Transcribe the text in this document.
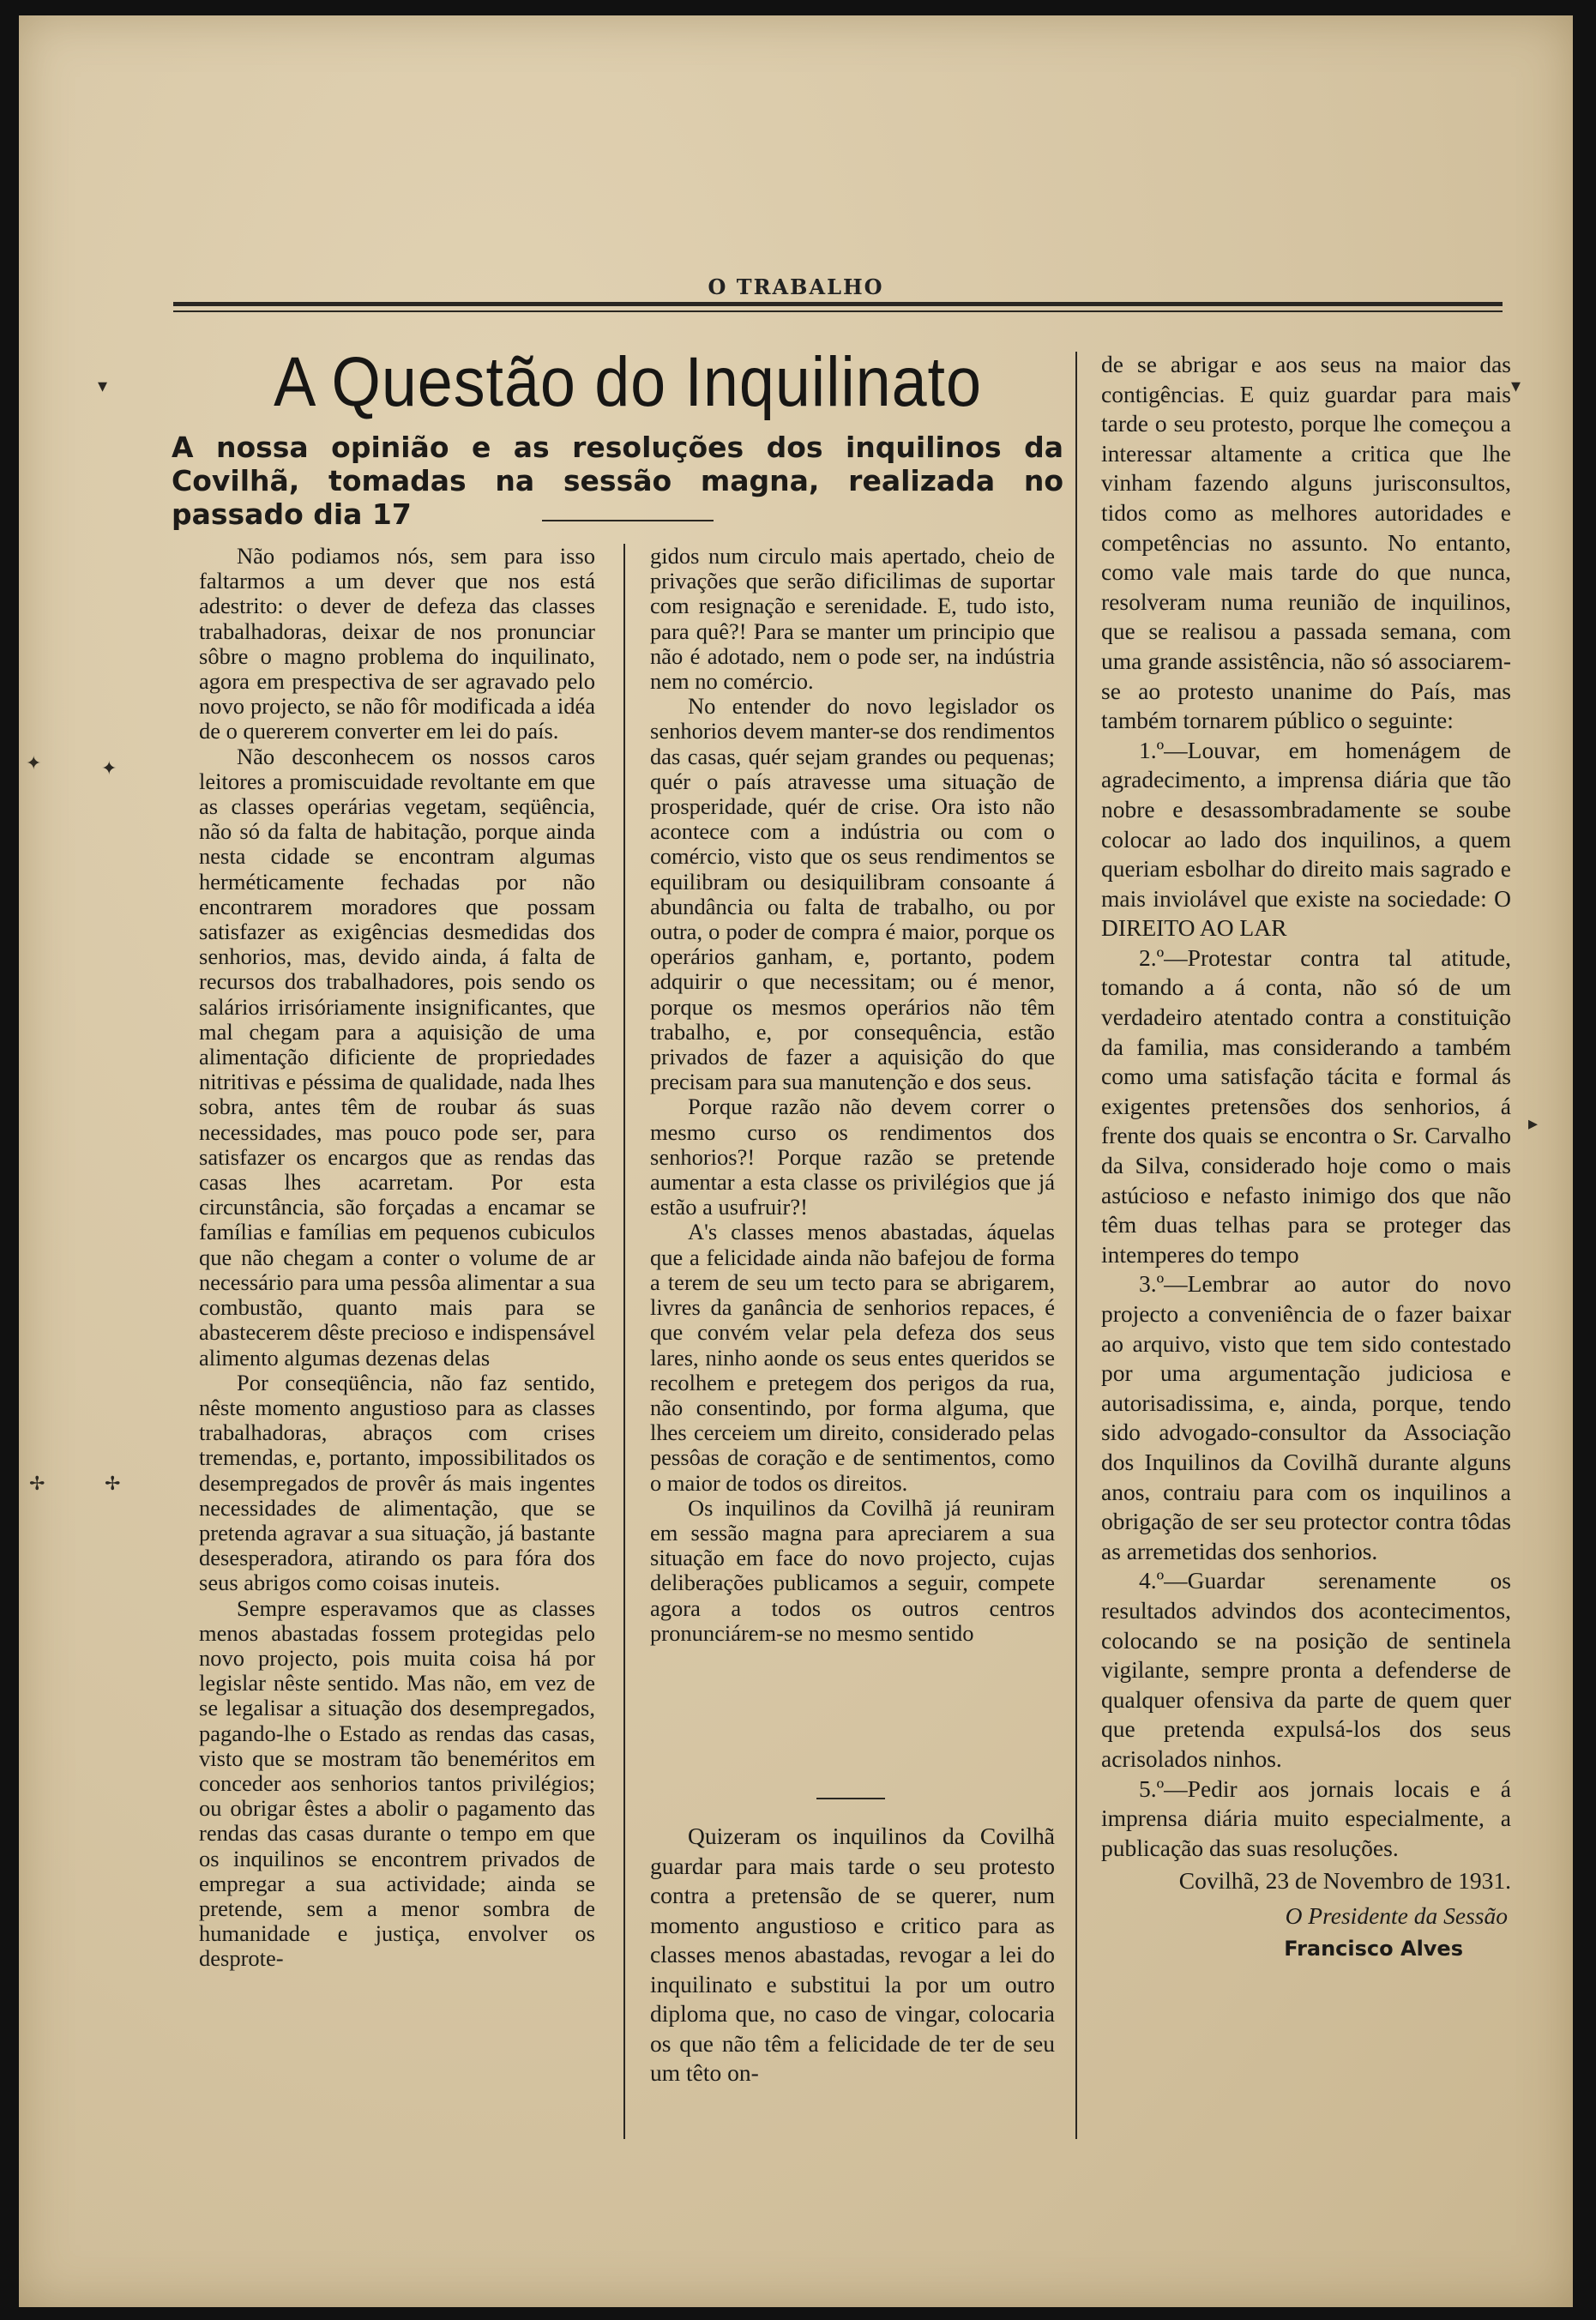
O TRABALHO
A Questão do Inquilinato
A nossa opinião e as resoluções dos inquilinos da Covilhã, tomadas na sessão magna, realizada no passado dia 17

Não podiamos nós, sem para isso faltarmos a um dever que nos está adestrito: o dever de defeza das classes trabalhadoras, deixar de nos pronunciar sôbre o magno problema do inquilinato, agora em prespectiva de ser agravado pelo novo projecto, se não fôr modificada a idéa de o quererem converter em lei do país.

Não desconhecem os nossos caros leitores a promiscuidade revoltante em que as classes operárias vegetam, seqüência, não só da falta de habitação, porque ainda nesta cidade se encontram algumas herméticamente fechadas por não encontrarem moradores que possam satisfazer as exigências desmedidas dos senhorios, mas, devido ainda, á falta de recursos dos trabalhadores, pois sendo os salários irrisóriamente insignificantes, que mal chegam para a aquisição de uma alimentação dificiente de propriedades nitritivas e péssima de qualidade, nada lhes sobra, antes têm de roubar ás suas necessidades, mas pouco pode ser, para satisfazer os encargos que as rendas das casas lhes acarretam. Por esta circunstância, são forçadas a encamar se famílias e famílias em pequenos cubiculos que não chegam a conter o volume de ar necessário para uma pessôa alimentar a sua combustão, quanto mais para se abastecerem dêste precioso e indispensável alimento algumas dezenas delas

Por conseqüência, não faz sentido, nêste momento angustioso para as classes trabalhadoras, abraços com crises tremendas, e, portanto, impossibilitados os desempregados de provêr ás mais ingentes necessidades de alimentação, que se pretenda agravar a sua situação, já bastante desesperadora, atirando os para fóra dos seus abrigos como coisas inuteis.

Sempre esperavamos que as classes menos abastadas fossem protegidas pelo novo projecto, pois muita coisa há por legislar nêste sentido. Mas não, em vez de se legalisar a situação dos desempregados, pagando-lhe o Estado as rendas das casas, visto que se mostram tão beneméritos em conceder aos senhorios tantos privilégios; ou obrigar êstes a abolir o pagamento das rendas das casas durante o tempo em que os inquilinos se encontrem privados de empregar a sua actividade; ainda se pretende, sem a menor sombra de humanidade e justiça, envolver os desprote-

gidos num circulo mais apertado, cheio de privações que serão dificilimas de suportar com resignação e serenidade. E, tudo isto, para quê?! Para se manter um principio que não é adotado, nem o pode ser, na indústria nem no comércio.

No entender do novo legislador os senhorios devem manter-se dos rendimentos das casas, quér sejam grandes ou pequenas; quér o país atravesse uma situação de prosperidade, quér de crise. Ora isto não acontece com a indústria ou com o comércio, visto que os seus rendimentos se equilibram ou desiquilibram consoante á abundância ou falta de trabalho, ou por outra, o poder de compra é maior, porque os operários ganham, e, portanto, podem adquirir o que necessitam; ou é menor, porque os mesmos operários não têm trabalho, e, por consequência, estão privados de fazer a aquisição do que precisam para sua manutenção e dos seus.

Porque razão não devem correr o mesmo curso os rendimentos dos senhorios?! Porque razão se pretende aumentar a esta classe os privilégios que já estão a usufruir?!

A's classes menos abastadas, áquelas que a felicidade ainda não bafejou de forma a terem de seu um tecto para se abrigarem, livres da ganância de senhorios repaces, é que convém velar pela defeza dos seus lares, ninho aonde os seus entes queridos se recolhem e pretegem dos perigos da rua, não consentindo, por forma alguma, que lhes cerceiem um direito, considerado pelas pessôas de coração e de sentimentos, como o maior de todos os direitos.

Os inquilinos da Covilhã já reuniram em sessão magna para apreciarem a sua situação em face do novo projecto, cujas deliberações publicamos a seguir, compete agora a todos os outros centros pronunciárem-se no mesmo sentido

Quizeram os inquilinos da Covilhã guardar para mais tarde o seu protesto contra a pretensão de se querer, num momento angustioso e critico para as classes menos abastadas, revogar a lei do inquilinato e substitui la por um outro diploma que, no caso de vingar, colocaria os que não têm a felicidade de ter de seu um têto on-

de se abrigar e aos seus na maior das contigências. E quiz guardar para mais tarde o seu protesto, porque lhe começou a interessar altamente a critica que lhe vinham fazendo alguns jurisconsultos, tidos como as melhores autoridades e competências no assunto. No entanto, como vale mais tarde do que nunca, resolveram numa reunião de inquilinos, que se realisou a passada semana, com uma grande assistência, não só associarem-se ao protesto unanime do País, mas também tornarem público o seguinte:

1.º—Louvar, em homenágem de agradecimento, a imprensa diária que tão nobre e desassombradamente se soube colocar ao lado dos inquilinos, a quem queriam esbolhar do direito mais sagrado e mais inviolável que existe na sociedade: O DIREITO AO LAR

2.º—Protestar contra tal atitude, tomando a á conta, não só de um verdadeiro atentado contra a constituição da familia, mas considerando a também como uma satisfação tácita e formal ás exigentes pretensões dos senhorios, á frente dos quais se encontra o Sr. Carvalho da Silva, considerado hoje como o mais astúcioso e nefasto inimigo dos que não têm duas telhas para se proteger das intemperes do tempo

3.º—Lembrar ao autor do novo projecto a conveniência de o fazer baixar ao arquivo, visto que tem sido contestado por uma argumentação judiciosa e autorisadissima, e, ainda, porque, tendo sido advogado-consultor da Associação dos Inquilinos da Covilhã durante alguns anos, contraiu para com os inquilinos a obrigação de ser seu protector contra tôdas as arremetidas dos senhorios.

4.º—Guardar serenamente os resultados advindos dos acontecimentos, colocando se na posição de sentinela vigilante, sempre pronta a defenderse de qualquer ofensiva da parte de quem quer que pretenda expulsá-los dos seus acrisolados ninhos.

5.º—Pedir aos jornais locais e á imprensa diária muito especialmente, a publicação das suas resoluções.

Covilhã, 23 de Novembro de 1931.
O Presidente da Sessão
Francisco Alves
▾
✦	✦
✢	✢
▾
▸
